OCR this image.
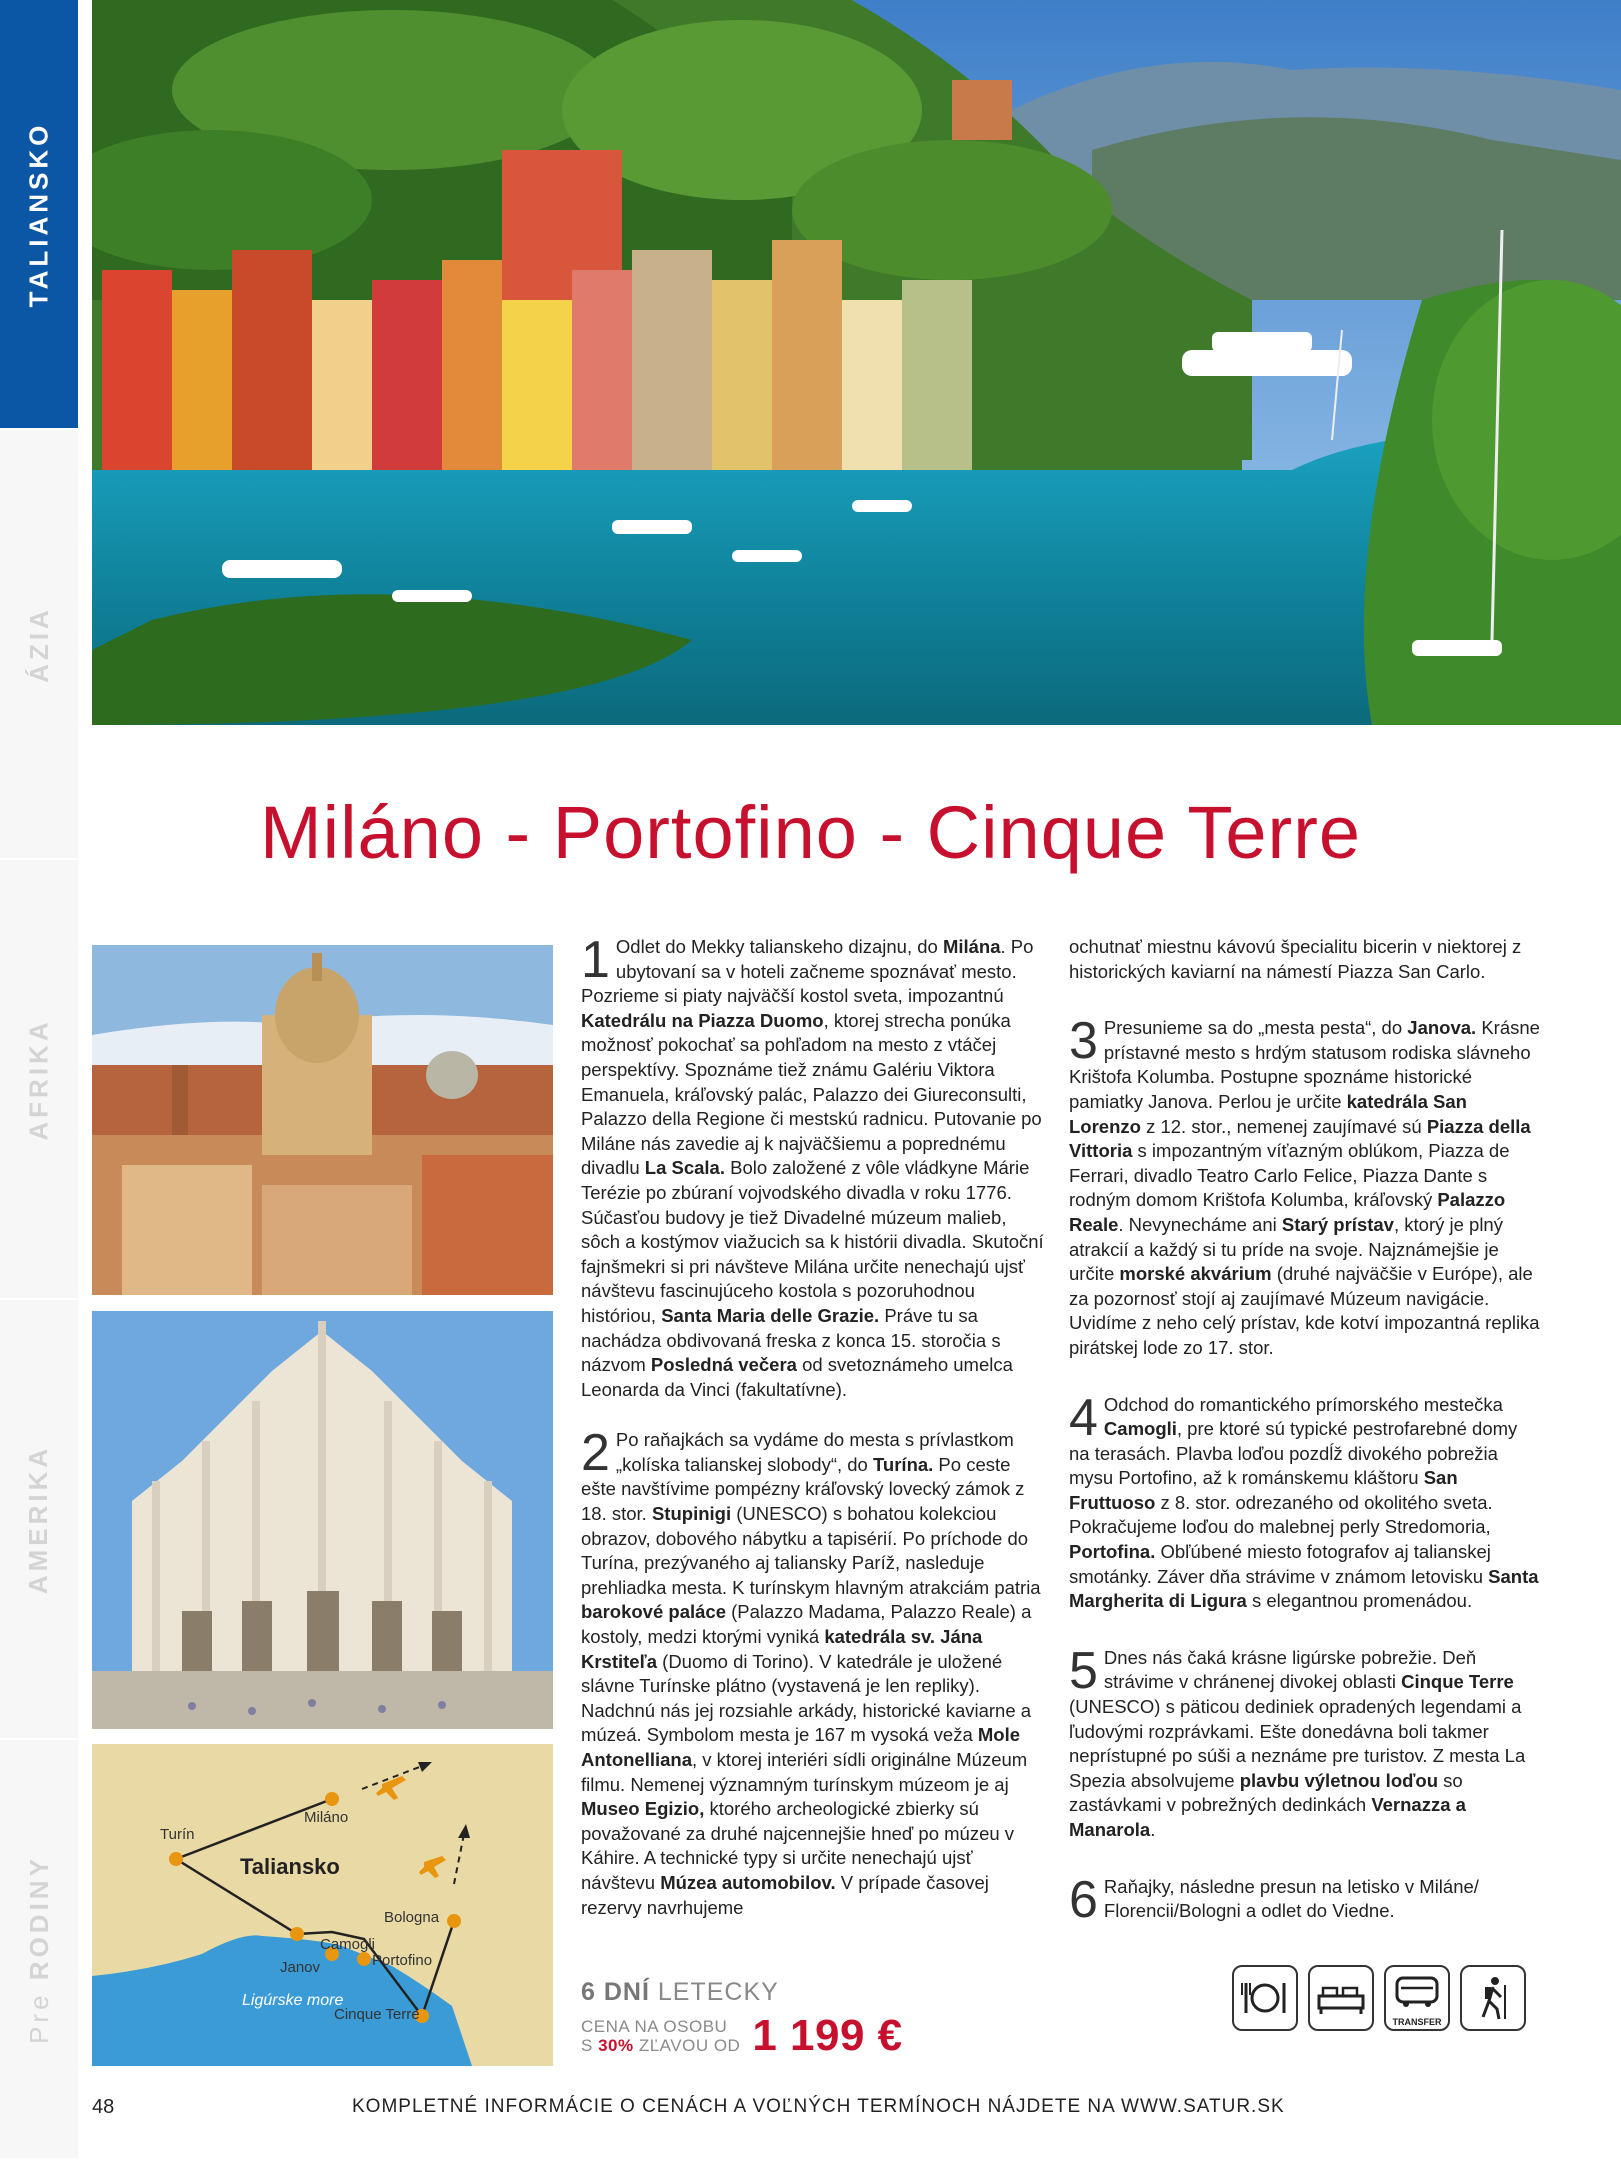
TALIANSKO
ÁZIA
AFRIKA
AMERIKA
Pre RODINY
Miláno - Portofino - Cinque Terre
Turín
Miláno
Taliansko
Bologna
Janov
Camogli
Portofino
Cinque Terre
Ligúrske more
1 Odlet do Mekky talianskeho dizajnu, do Milána. Po ubytovaní sa v hoteli začneme spoznávať mesto. Pozrieme si piaty najväčší kostol sveta, impozantnú Katedrálu na Piazza Duomo, ktorej strecha ponúka možnosť pokochať sa pohľadom na mesto z vtáčej perspektívy. Spoznáme tiež známu Galériu Viktora Emanuela, kráľovský palác, Palazzo dei Giureconsulti, Palazzo della Regione či mestskú radnicu. Putovanie po Miláne nás zavedie aj k najväčšiemu a poprednému divadlu La Scala. Bolo založené z vôle vládkyne Márie Terézie po zbúraní vojvodského divadla v roku 1776. Súčasťou budovy je tiež Divadelné múzeum malieb, sôch a kostýmov viažucich sa k histórii divadla. Skutoční fajnšmekri si pri návšteve Milána určite nenechajú ujsť návštevu fascinujúceho kostola s pozoruhodnou históriou, Santa Maria delle Grazie. Práve tu sa nachádza obdivovaná freska z konca 15. storočia s názvom Posledná večera od svetoznámeho umelca Leonarda da Vinci (fakultatívne).

2 Po raňajkách sa vydáme do mesta s prívlastkom „kolíska talianskej slobody“, do Turína. Po ceste ešte navštívime pompézny kráľovský lovecký zámok z 18. stor. Stupinigi (UNESCO) s bohatou kolekciou obrazov, dobového nábytku a tapisérií. Po príchode do Turína, prezývaného aj taliansky Paríž, nasleduje prehliadka mesta. K turínskym hlavným atrakciám patria barokové paláce (Palazzo Madama, Palazzo Reale) a kostoly, medzi ktorými vyniká katedrála sv. Jána Krstiteľa (Duomo di Torino). V katedrále je uložené slávne Turínske plátno (vystavená je len repliky). Nadchnú nás jej rozsiahle arkády, historické kaviarne a múzeá. Symbolom mesta je 167 m vysoká veža Mole Antonelliana, v ktorej interiéri sídli originálne Múzeum filmu. Nemenej významným turínskym múzeom je aj Museo Egizio, ktorého archeologické zbierky sú považované za druhé najcennejšie hneď po múzeu v Káhire. A technické typy si určite nenechajú ujsť návštevu Múzea automobilov. V prípade časovej rezervy navrhujeme

ochutnať miestnu kávovú špecialitu bicerin v niektorej z historických kaviarní na námestí Piazza San Carlo.

3 Presunieme sa do „mesta pesta“, do Janova. Krásne prístavné mesto s hrdým statusom rodiska slávneho Krištofa Kolumba. Postupne spoznáme historické pamiatky Janova. Perlou je určite katedrála San Lorenzo z 12. stor., nemenej zaujímavé sú Piazza della Vittoria s impozantným víťazným oblúkom, Piazza de Ferrari, divadlo Teatro Carlo Felice, Piazza Dante s rodným domom Krištofa Kolumba, kráľovský Palazzo Reale. Nevynecháme ani Starý prístav, ktorý je plný atrakcií a každý si tu príde na svoje. Najznámejšie je určite morské akvárium (druhé najväčšie v Európe), ale za pozornosť stojí aj zaujímavé Múzeum navigácie. Uvidíme z neho celý prístav, kde kotví impozantná replika pirátskej lode zo 17. stor.

4 Odchod do romantického prímorského mestečka Camogli, pre ktoré sú typické pestrofarebné domy na terasách. Plavba loďou pozdĺž divokého pobrežia mysu Portofino, až k románskemu kláštoru San Fruttuoso z 8. stor. odrezaného od okolitého sveta. Pokračujeme loďou do malebnej perly Stredomoria, Portofina. Obľúbené miesto fotografov aj talianskej smotánky. Záver dňa strávime v známom letovisku Santa Margherita di Ligura s elegantnou promenádou.

5 Dnes nás čaká krásne ligúrske pobrežie. Deň strávime v chránenej divokej oblasti Cinque Terre (UNESCO) s päticou dediniek opradených legendami a ľudovými rozprávkami. Ešte donedávna boli takmer neprístupné po súši a neznáme pre turistov. Z mesta La Spezia absolvujeme plavbu výletnou loďou so zastávkami v pobrežných dedinkách Vernazza a Manarola.

6 Raňajky, následne presun na letisko v Miláne/ Florencii/Bologni a odlet do Viedne.

6 DNÍ LETECKY
CENA NA OSOBU
S 30% ZĽAVOU OD 1 199 €	TRANSFER
48	KOMPLETNÉ INFORMÁCIE O CENÁCH A VOĽNÝCH TERMÍNOCH NÁJDETE NA WWW.SATUR.SK
